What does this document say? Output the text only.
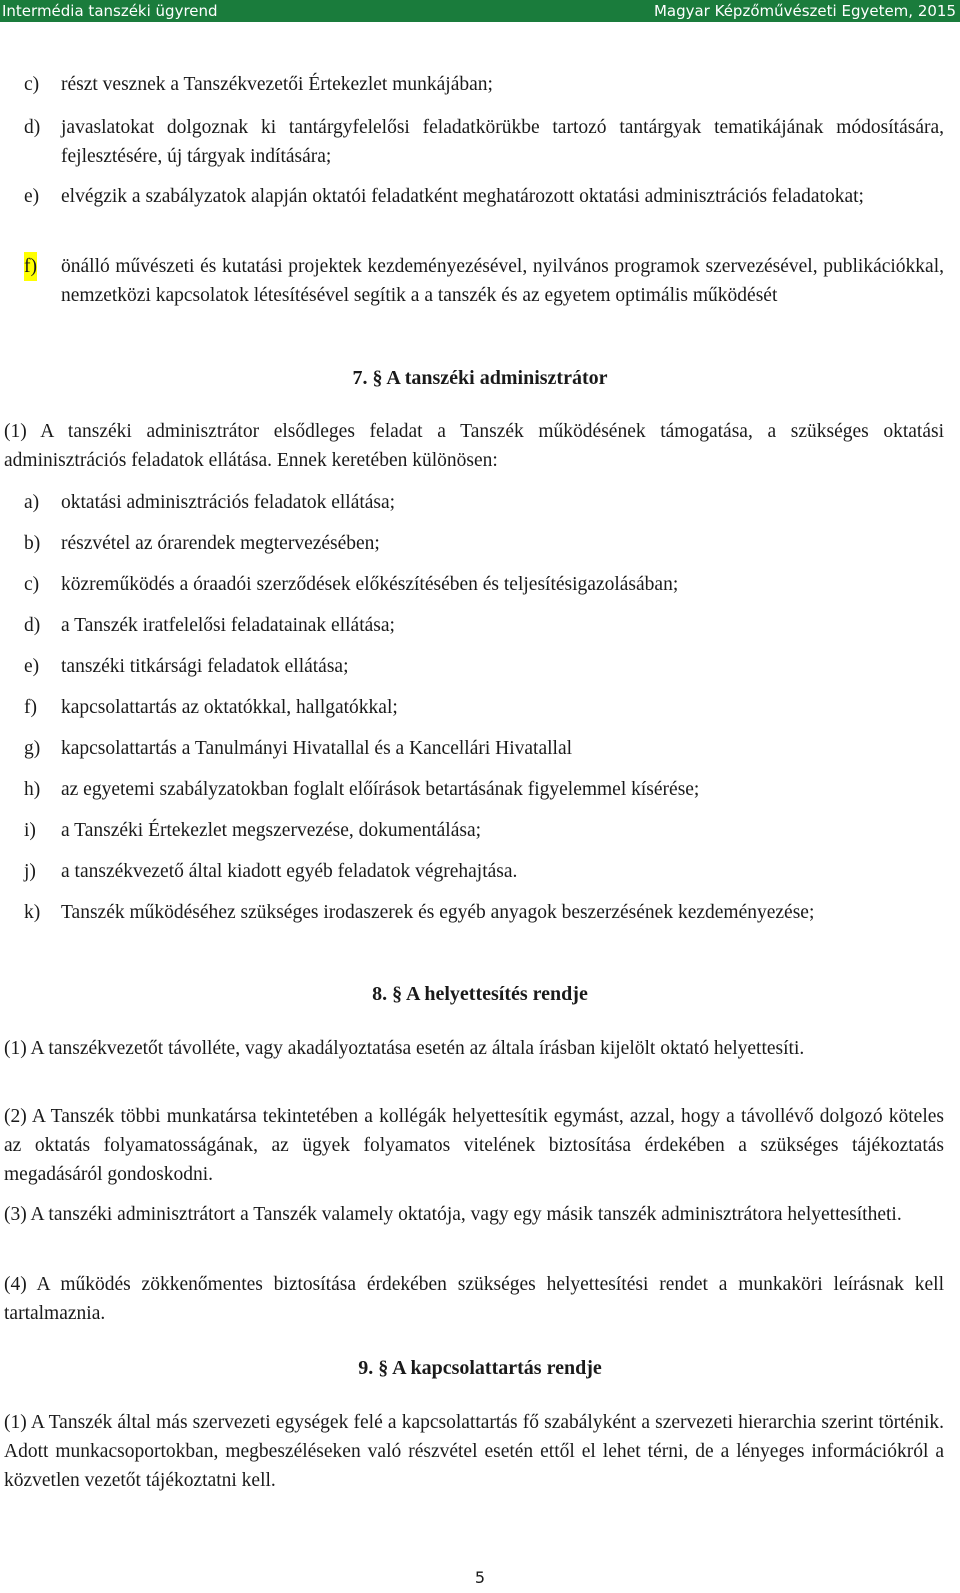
Intermédia tanszéki ügyrend	Magyar Képzőművészeti Egyetem, 2015
c) részt vesznek a Tanszékvezetői Értekezlet munkájában;
d) javaslatokat dolgoznak ki tantárgyfelelősi feladatkörükbe tartozó tantárgyak tematikájának módosítására, fejlesztésére, új tárgyak indítására;
e) elvégzik a szabályzatok alapján oktatói feladatként meghatározott oktatási adminisztrációs feladatokat;
f) önálló művészeti és kutatási projektek kezdeményezésével, nyilvános programok szervezésével, publikációkkal, nemzetközi kapcsolatok létesítésével segítik a a tanszék és az egyetem optimális működését
7. § A tanszéki adminisztrátor
(1) A tanszéki adminisztrátor elsődleges feladat a Tanszék működésének támogatása, a szükséges oktatási adminisztrációs feladatok ellátása. Ennek keretében különösen:
a) oktatási adminisztrációs feladatok ellátása;
b) részvétel az órarendek megtervezésében;
c) közreműködés a óraadói szerződések előkészítésében és teljesítésigazolásában;
d) a Tanszék iratfelelősi feladatainak ellátása;
e) tanszéki titkársági feladatok ellátása;
f) kapcsolattartás az oktatókkal, hallgatókkal;
g) kapcsolattartás a Tanulmányi Hivatallal és a Kancellári Hivatallal
h) az egyetemi szabályzatokban foglalt előírások betartásának figyelemmel kísérése;
i) a Tanszéki Értekezlet megszervezése, dokumentálása;
j) a tanszékvezető által kiadott egyéb feladatok végrehajtása.
k) Tanszék működéséhez szükséges irodaszerek és egyéb anyagok beszerzésének kezdeményezése;
8. § A helyettesítés rendje
(1) A tanszékvezetőt távolléte, vagy akadályoztatása esetén az általa írásban kijelölt oktató helyettesíti.
(2) A Tanszék többi munkatársa tekintetében a kollégák helyettesítik egymást, azzal, hogy a távollévő dolgozó köteles az oktatás folyamatosságának, az ügyek folyamatos vitelének biztosítása érdekében a szükséges tájékoztatás megadásáról gondoskodni.
(3) A tanszéki adminisztrátort a Tanszék valamely oktatója, vagy egy másik tanszék adminisztrátora helyettesítheti.
(4) A működés zökkenőmentes biztosítása érdekében szükséges helyettesítési rendet a munkaköri leírásnak kell tartalmaznia.
9. § A kapcsolattartás rendje
(1) A Tanszék által más szervezeti egységek felé a kapcsolattartás fő szabályként a szervezeti hierarchia szerint történik. Adott munkacsoportokban, megbeszéléseken való részvétel esetén ettől el lehet térni, de a lényeges információkról a közvetlen vezetőt tájékoztatni kell.
5
